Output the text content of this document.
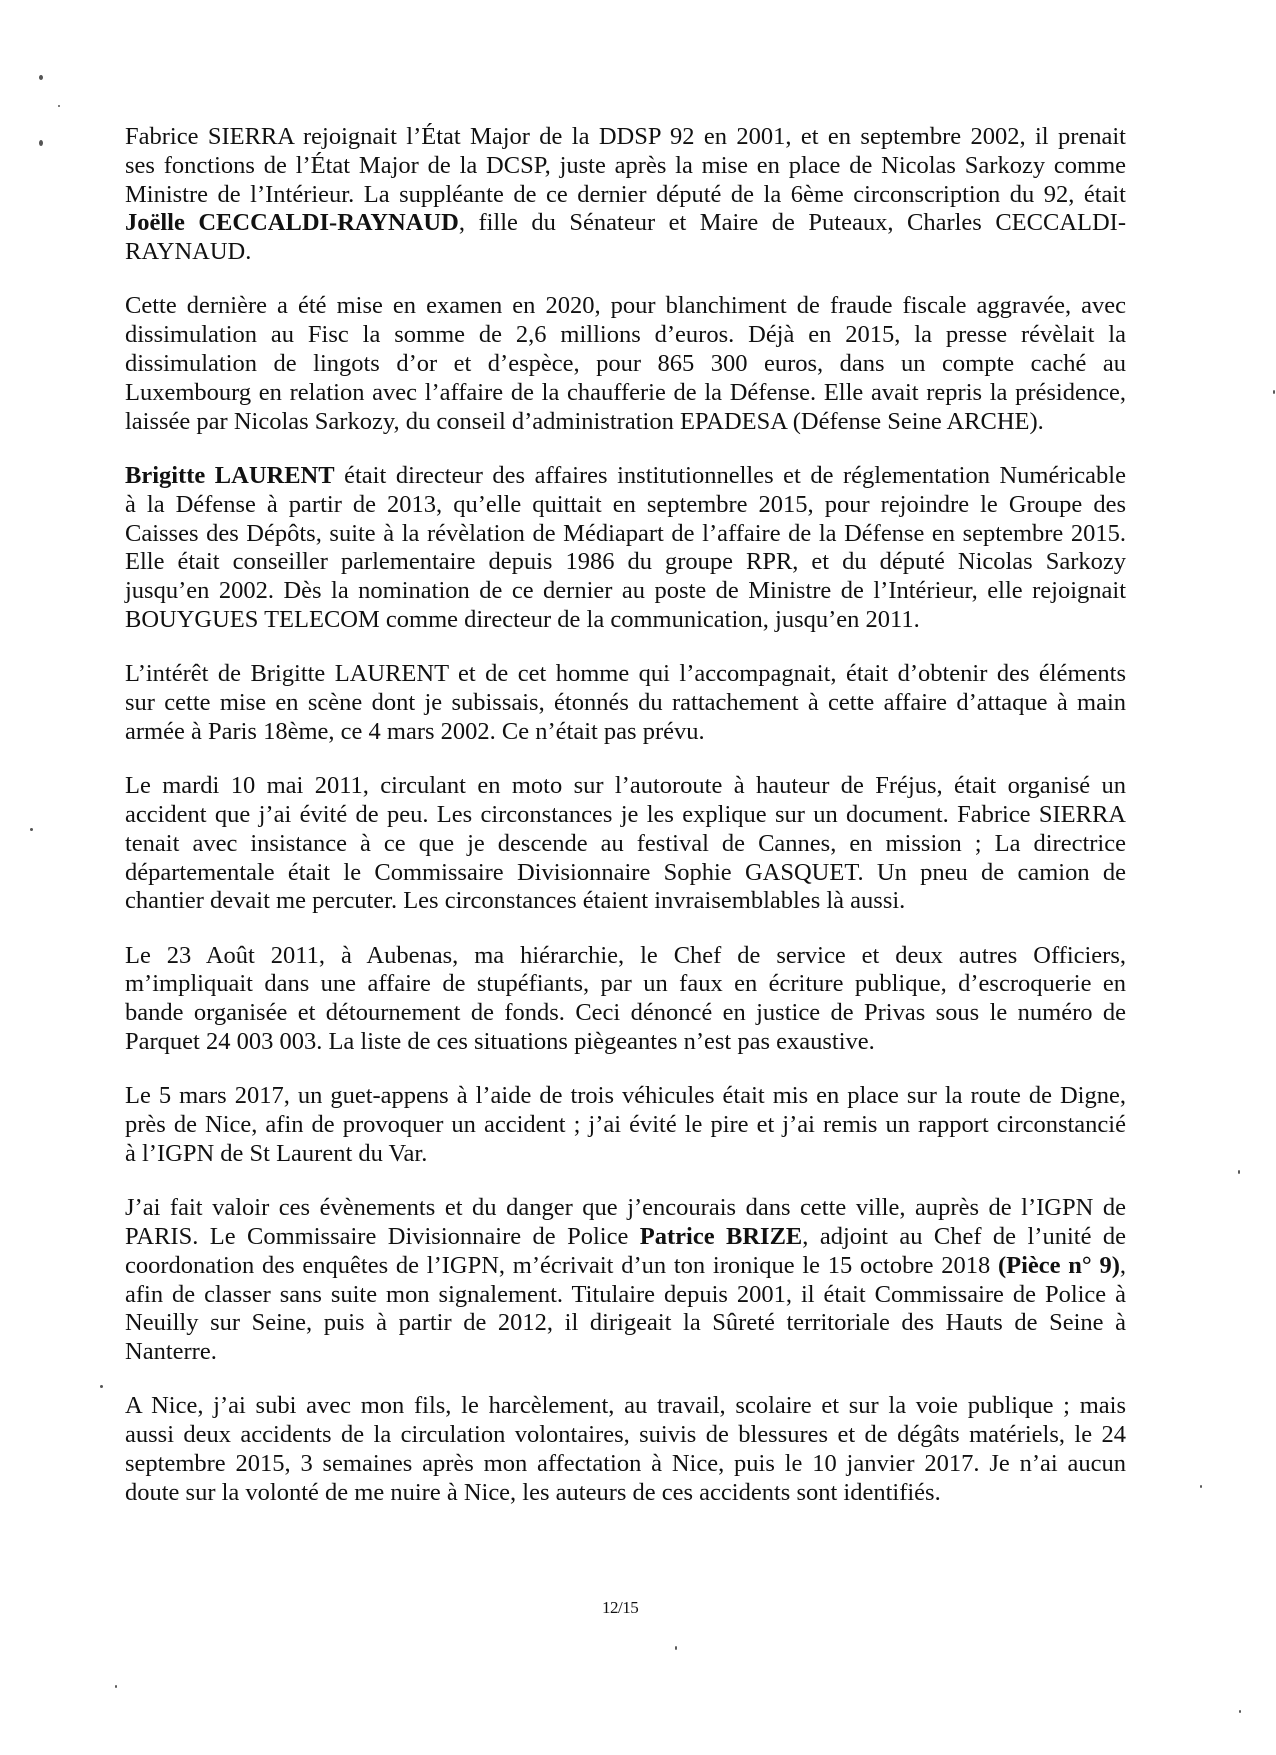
Fabrice SIERRA rejoignait l’État Major de la DDSP 92 en 2001, et en septembre 2002, il prenait
ses fonctions de l’État Major de la DCSP, juste après la mise en place de Nicolas Sarkozy comme
Ministre de l’Intérieur. La suppléante de ce dernier député de la 6ème circonscription du 92, était
Joëlle CECCALDI-RAYNAUD, fille du Sénateur et Maire de Puteaux, Charles CECCALDI-
RAYNAUD.
Cette dernière a été mise en examen en 2020, pour blanchiment de fraude fiscale aggravée, avec
dissimulation au Fisc la somme de 2,6 millions d’euros. Déjà en 2015, la presse révèlait la
dissimulation de lingots d’or et d’espèce, pour 865 300 euros, dans un compte caché au
Luxembourg en relation avec l’affaire de la chaufferie de la Défense. Elle avait repris la présidence,
laissée par Nicolas Sarkozy, du conseil d’administration EPADESA (Défense Seine ARCHE).
Brigitte LAURENT était directeur des affaires institutionnelles et de réglementation Numéricable
à la Défense à partir de 2013, qu’elle quittait en septembre 2015, pour rejoindre le Groupe des
Caisses des Dépôts, suite à la révèlation de Médiapart de l’affaire de la Défense en septembre 2015.
Elle était conseiller parlementaire depuis 1986 du groupe RPR, et du député Nicolas Sarkozy
jusqu’en 2002. Dès la nomination de ce dernier au poste de Ministre de l’Intérieur, elle rejoignait
BOUYGUES TELECOM comme directeur de la communication, jusqu’en 2011.
L’intérêt de Brigitte LAURENT et de cet homme qui l’accompagnait, était d’obtenir des éléments
sur cette mise en scène dont je subissais, étonnés du rattachement à cette affaire d’attaque à main
armée à Paris 18ème, ce 4 mars 2002. Ce n’était pas prévu.
Le mardi 10 mai 2011, circulant en moto sur l’autoroute à hauteur de Fréjus, était organisé un
accident que j’ai évité de peu. Les circonstances je les explique sur un document. Fabrice SIERRA
tenait avec insistance à ce que je descende au festival de Cannes, en mission ; La directrice
départementale était le Commissaire Divisionnaire Sophie GASQUET. Un pneu de camion de
chantier devait me percuter. Les circonstances étaient invraisemblables là aussi.
Le 23 Août 2011, à Aubenas, ma hiérarchie, le Chef de service et deux autres Officiers,
m’impliquait dans une affaire de stupéfiants, par un faux en écriture publique, d’escroquerie en
bande organisée et détournement de fonds. Ceci dénoncé en justice de Privas sous le numéro de
Parquet 24 003 003. La liste de ces situations piègeantes n’est pas exaustive.
Le 5 mars 2017, un guet-appens à l’aide de trois véhicules était mis en place sur la route de Digne,
près de Nice, afin de provoquer un accident ; j’ai évité le pire et j’ai remis un rapport circonstancié
à l’IGPN de St Laurent du Var.
J’ai fait valoir ces évènements et du danger que j’encourais dans cette ville, auprès de l’IGPN de
PARIS. Le Commissaire Divisionnaire de Police Patrice BRIZE, adjoint au Chef de l’unité de
coordonation des enquêtes de l’IGPN, m’écrivait d’un ton ironique le 15 octobre 2018 (Pièce n° 9),
afin de classer sans suite mon signalement. Titulaire depuis 2001, il était Commissaire de Police à
Neuilly sur Seine, puis à partir de 2012, il dirigeait la Sûreté territoriale des Hauts de Seine à
Nanterre.
A Nice, j’ai subi avec mon fils, le harcèlement, au travail, scolaire et sur la voie publique ; mais
aussi deux accidents de la circulation volontaires, suivis de blessures et de dégâts matériels, le 24
septembre 2015, 3 semaines après mon affectation à Nice, puis le 10 janvier 2017. Je n’ai aucun
doute sur la volonté de me nuire à Nice, les auteurs de ces accidents sont identifiés.
12/15
